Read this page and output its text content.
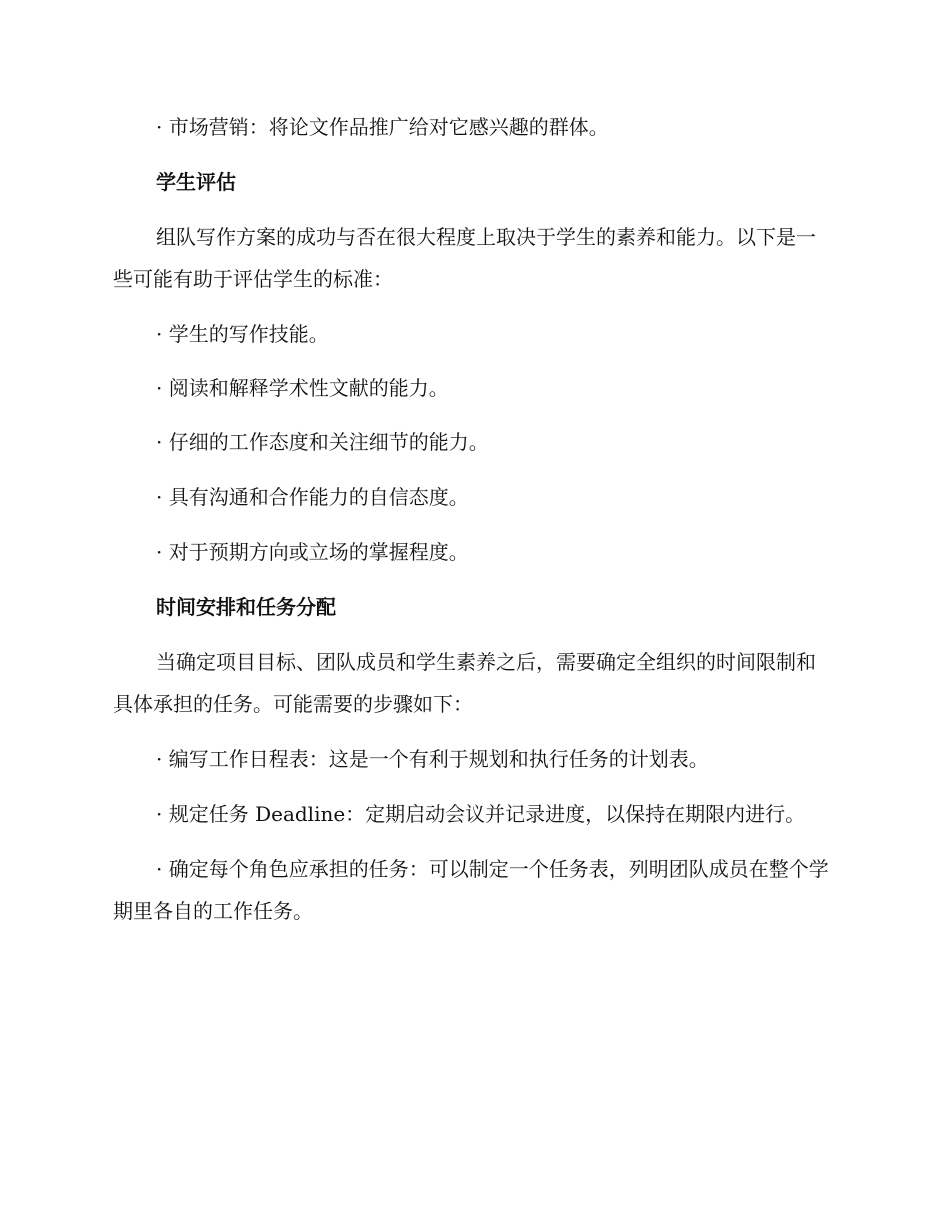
· 市场营销：将论文作品推广给对它感兴趣的群体。

学生评估

组队写作方案的成功与否在很大程度上取决于学生的素养和能力。以下是一些可能有助于评估学生的标准：

· 学生的写作技能。

· 阅读和解释学术性文献的能力。

· 仔细的工作态度和关注细节的能力。

· 具有沟通和合作能力的自信态度。

· 对于预期方向或立场的掌握程度。

时间安排和任务分配

当确定项目目标、团队成员和学生素养之后，需要确定全组织的时间限制和具体承担的任务。可能需要的步骤如下：

· 编写工作日程表：这是一个有利于规划和执行任务的计划表。

· 规定任务 Deadline：定期启动会议并记录进度，以保持在期限内进行。

· 确定每个角色应承担的任务：可以制定一个任务表，列明团队成员在整个学期里各自的工作任务。
